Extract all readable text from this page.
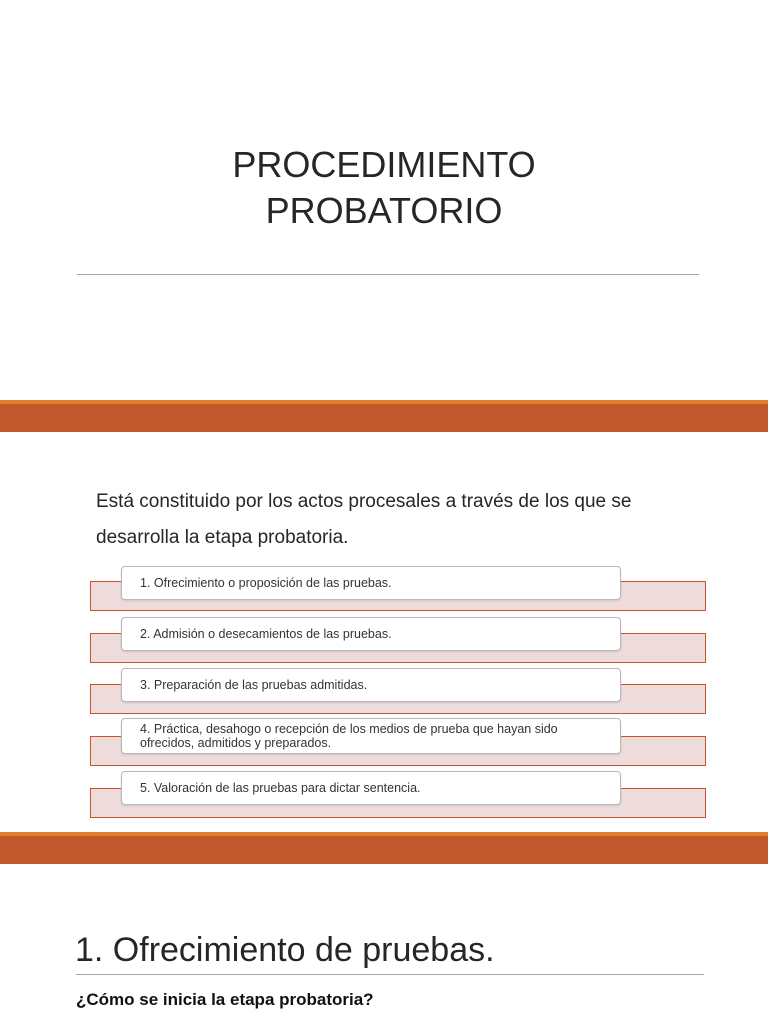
PROCEDIMIENTO
PROBATORIO

Está constituido por los actos procesales a través de los que se desarrolla la etapa probatoria.

1. Ofrecimiento o proposición de las pruebas.
2. Admisión o desecamientos de las pruebas.
3. Preparación de las pruebas admitidas.
4. Práctica, desahogo o recepción de los medios de prueba que hayan sido ofrecidos, admitidos y preparados.
5. Valoración de las pruebas para dictar sentencia.
1. Ofrecimiento de pruebas.

¿Cómo se inicia la etapa probatoria?
